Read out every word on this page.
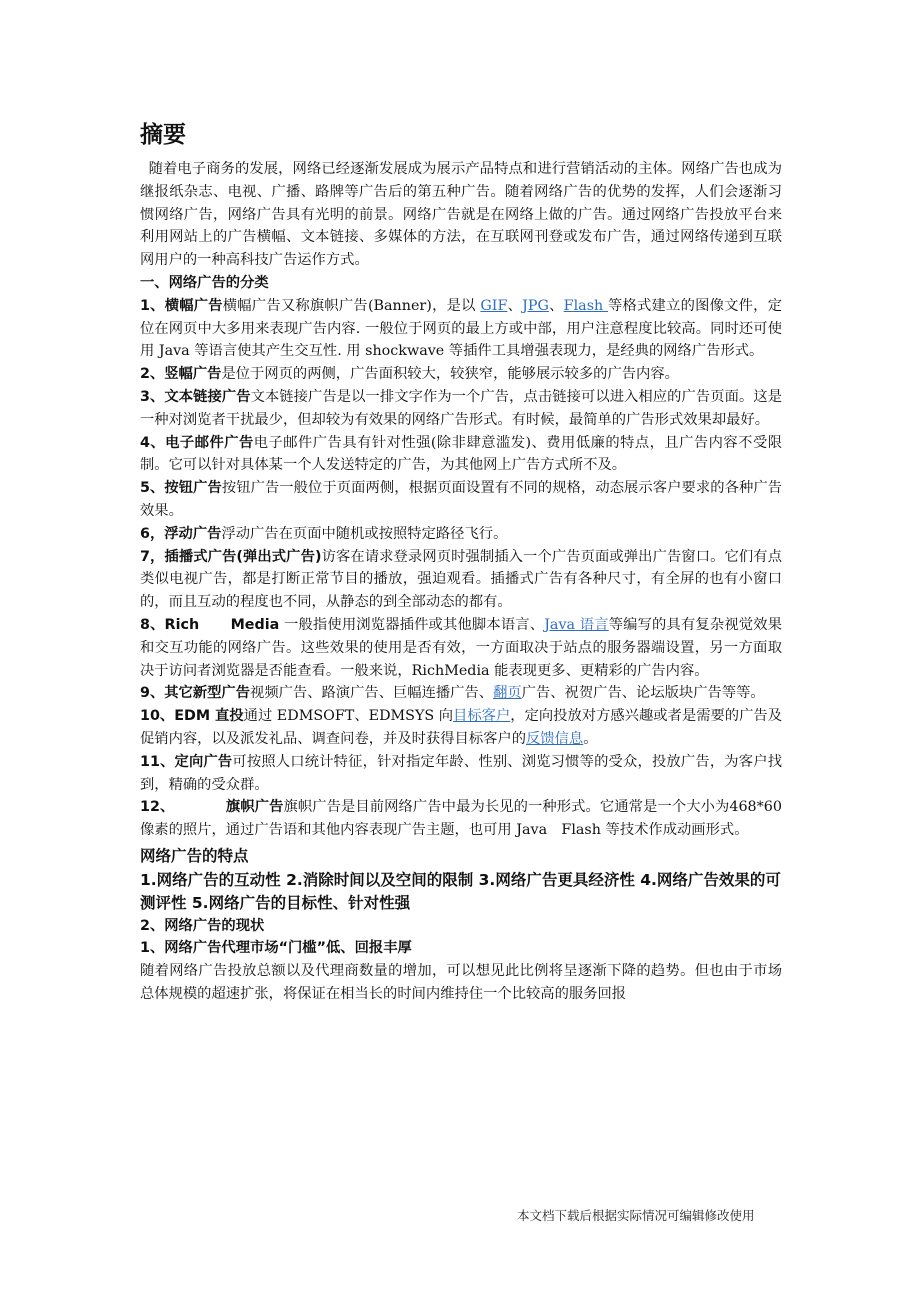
摘要

随着电子商务的发展，网络已经逐渐发展成为展示产品特点和进行营销活动的主体。网络广告也成为继报纸杂志、电视、广播、路牌等广告后的第五种广告。随着网络广告的优势的发挥，人们会逐渐习惯网络广告，网络广告具有光明的前景。网络广告就是在网络上做的广告。通过网络广告投放平台来利用网站上的广告横幅、文本链接、多媒体的方法，在互联网刊登或发布广告，通过网络传递到互联网用户的一种高科技广告运作方式。

一、网络广告的分类

1、横幅广告横幅广告又称旗帜广告(Banner)，是以 GIF、JPG、Flash 等格式建立的图像文件，定位在网页中大多用来表现广告内容. 一般位于网页的最上方或中部，用户注意程度比较高。同时还可使用 Java 等语言使其产生交互性. 用 shockwave 等插件工具增强表现力，是经典的网络广告形式。

2、竖幅广告是位于网页的两侧，广告面积较大，较狭窄，能够展示较多的广告内容。

3、文本链接广告文本链接广告是以一排文字作为一个广告，点击链接可以进入相应的广告页面。这是一种对浏览者干扰最少，但却较为有效果的网络广告形式。有时候，最简单的广告形式效果却最好。

4、电子邮件广告电子邮件广告具有针对性强(除非肆意滥发)、费用低廉的特点，且广告内容不受限制。它可以针对具体某一个人发送特定的广告，为其他网上广告方式所不及。

5、按钮广告按钮广告一般位于页面两侧，根据页面设置有不同的规格，动态展示客户要求的各种广告效果。

6，浮动广告浮动广告在页面中随机或按照特定路径飞行。

7，插播式广告(弹出式广告)访客在请求登录网页时强制插入一个广告页面或弹出广告窗口。它们有点类似电视广告，都是打断正常节目的播放，强迫观看。插播式广告有各种尺寸，有全屏的也有小窗口的，而且互动的程度也不同，从静态的到全部动态的都有。

8、Rich Media 一般指使用浏览器插件或其他脚本语言、Java 语言等编写的具有复杂视觉效果和交互功能的网络广告。这些效果的使用是否有效，一方面取决于站点的服务器端设置，另一方面取决于访问者浏览器是否能查看。一般来说，RichMedia 能表现更多、更精彩的广告内容。

9、其它新型广告视频广告、路演广告、巨幅连播广告、翻页广告、祝贺广告、论坛版块广告等等。

10、EDM 直投通过 EDMSOFT、EDMSYS 向目标客户，定向投放对方感兴趣或者是需要的广告及促销内容，以及派发礼品、调查问卷，并及时获得目标客户的反馈信息。

11、定向广告可按照人口统计特征，针对指定年龄、性别、浏览习惯等的受众，投放广告，为客户找到，精确的受众群。

12、	旗帜广告旗帜广告是目前网络广告中最为长见的一种形式。它通常是一个大小为468*60 像素的照片，通过广告语和其他内容表现广告主题，也可用 Java　Flash 等技术作成动画形式。

网络广告的特点
1.网络广告的互动性 2.消除时间以及空间的限制 3.网络广告更具经济性 4.网络广告效果的可测评性 5.网络广告的目标性、针对性强
2、网络广告的现状
1、网络广告代理市场“门槛”低、回报丰厚

随着网络广告投放总额以及代理商数量的增加，可以想见此比例将呈逐渐下降的趋势。但也由于市场总体规模的超速扩张，将保证在相当长的时间内维持住一个比较高的服务回报

本文档下载后根据实际情况可编辑修改使用
